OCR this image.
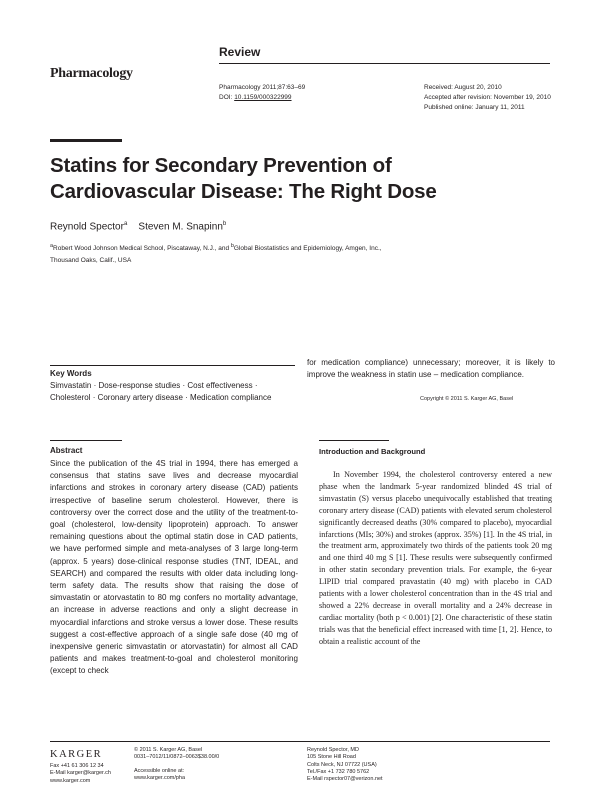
Review
Pharmacology
Pharmacology 2011;87:63–69
DOI: 10.1159/000322999
Received: August 20, 2010
Accepted after revision: November 19, 2010
Published online: January 11, 2011
Statins for Secondary Prevention of
Cardiovascular Disease: The Right Dose
Reynold Spector$^a$ Steven M. Snapinn$^b$
$^a$Robert Wood Johnson Medical School, Piscataway, N.J., and $^b$Global Biostatistics and Epidemiology, Amgen, Inc.,
Thousand Oaks, Calif., USA
Key Words
Simvastatin · Dose-response studies · Cost effectiveness · Cholesterol · Coronary artery disease · Medication compliance
Abstract
Since the publication of the 4S trial in 1994, there has emerged a consensus that statins save lives and decrease myocardial infarctions and strokes in coronary artery disease (CAD) patients irrespective of baseline serum cholesterol. However, there is controversy over the correct dose and the utility of the treatment-to-goal (cholesterol, low-density lipoprotein) approach. To answer remaining questions about the optimal statin dose in CAD patients, we have performed simple and meta-analyses of 3 large long-term (approx. 5 years) dose-clinical response studies (TNT, IDEAL, and SEARCH) and compared the results with older data including long-term safety data. The results show that raising the dose of simvastatin or atorvastatin to 80 mg confers no mortality advantage, an increase in adverse reactions and only a slight decrease in myocardial infarctions and stroke versus a lower dose. These results suggest a cost-effective approach of a single safe dose (40 mg of inexpensive generic simvastatin or atorvastatin) for almost all CAD patients and makes treatment-to-goal and cholesterol monitoring (except to check
for medication compliance) unnecessary; moreover, it is likely to improve the weakness in statin use – medication compliance.
Copyright © 2011 S. Karger AG, Basel
Introduction and Background
In November 1994, the cholesterol controversy entered a new phase when the landmark 5-year randomized blinded 4S trial of simvastatin (S) versus placebo unequivocally established that treating coronary artery disease (CAD) patients with elevated serum cholesterol significantly decreased deaths (30% compared to placebo), myocardial infarctions (MIs; 30%) and strokes (approx. 35%) [1]. In the 4S trial, in the treatment arm, approximately two thirds of the patients took 20 mg and one third 40 mg S [1]. These results were subsequently confirmed in other statin secondary prevention trials. For example, the 6-year LIPID trial compared pravastatin (40 mg) with placebo in CAD patients with a lower cholesterol concentration than in the 4S trial and showed a 22% decrease in overall mortality and a 24% decrease in cardiac mortality (both p < 0.001) [2]. One characteristic of these statin trials was that the beneficial effect increased with time [1, 2]. Hence, to obtain a realistic account of the
KARGER
Fax +41 61 306 12 34
E-Mail karger@karger.ch
www.karger.com
© 2011 S. Karger AG, Basel
0031–7012/11/0872–0063$38.00/0
Accessible online at:
www.karger.com/pha
Reynold Spector, MD
105 Stone Hill Road
Colts Neck, NJ 07722 (USA)
Tel./Fax +1 732 780 5762
E-Mail rspector07@verizon.net
